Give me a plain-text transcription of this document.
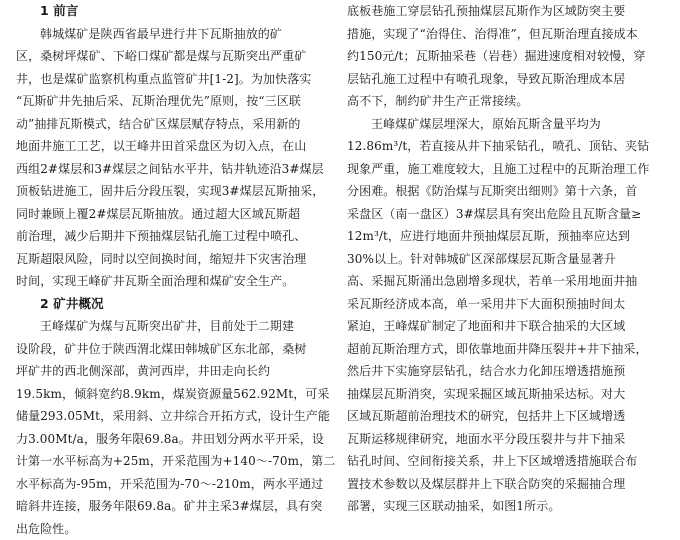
1 前言
韩城煤矿是陕西省最早进行井下瓦斯抽放的矿
区，桑树坪煤矿、下峪口煤矿都是煤与瓦斯突出严重矿
井，也是煤矿监察机构重点监管矿井[1-2]。为加快落实
“瓦斯矿井先抽后采、瓦斯治理优先”原则，按“三区联
动”抽排瓦斯模式，结合矿区煤层赋存特点，采用新的
地面井施工工艺，以王峰井田首采盘区为切入点，在山
西组2#煤层和3#煤层之间钻水平井，钻井轨迹沿3#煤层
顶板钻进施工，固井后分段压裂，实现3#煤层瓦斯抽采，
同时兼顾上覆2#煤层瓦斯抽放。通过超大区域瓦斯超
前治理，减少后期井下预抽煤层钻孔施工过程中喷孔、
瓦斯超限风险，同时以空间换时间，缩短井下灾害治理
时间，实现王峰矿井瓦斯全面治理和煤矿安全生产。
2 矿井概况
王峰煤矿为煤与瓦斯突出矿井，目前处于二期建
设阶段，矿井位于陕西渭北煤田韩城矿区东北部，桑树
坪矿井的西北侧深部，黄河西岸，井田走向长约
19.5km，倾斜宽约8.9km，煤炭资源量562.92Mt，可采
储量293.05Mt，采用斜、立井综合开拓方式，设计生产能
力3.00Mt/a，服务年限69.8a。井田划分两水平开采，设
计第一水平标高为+25m，开采范围为+140～-70m，第二
水平标高为-95m，开采范围为-70～-210m，两水平通过
暗斜井连接，服务年限69.8a。矿井主采3#煤层，具有突
出危险性。
底板巷施工穿层钻孔预抽煤层瓦斯作为区域防突主要
措施，实现了“治得住、治得准”，但瓦斯治理直接成本
约150元/t；瓦斯抽采巷（岩巷）掘进速度相对较慢，穿
层钻孔施工过程中有喷孔现象，导致瓦斯治理成本居
高不下，制约矿井生产正常接续。
王峰煤矿煤层埋深大，原始瓦斯含量平均为
12.86m³/t，若直接从井下抽采钻孔，喷孔、顶钻、夹钻
现象严重，施工难度较大，且施工过程中的瓦斯治理工作
分困难。根据《防治煤与瓦斯突出细则》第十六条，首
采盘区（南一盘区）3#煤层具有突出危险且瓦斯含量≥
12m³/t，应进行地面井预抽煤层瓦斯，预抽率应达到
30%以上。针对韩城矿区深部煤层瓦斯含量显著升
高、采掘瓦斯涌出急剧增多现状，若单一采用地面井抽
采瓦斯经济成本高，单一采用井下大面积预抽时间太
紧迫，王峰煤矿制定了地面和井下联合抽采的大区域
超前瓦斯治理方式，即依靠地面井降压裂井+井下抽采，
然后井下实施穿层钻孔，结合水力化卸压增透措施预
抽煤层瓦斯消突，实现采掘区域瓦斯抽采达标。对大
区域瓦斯超前治理技术的研究，包括井上下区域增透
瓦斯运移规律研究，地面水平分段压裂井与井下抽采
钻孔时间、空间衔接关系，井上下区域增透措施联合布
置技术参数以及煤层群井上下联合防突的采掘抽合理
部署，实现三区联动抽采，如图1所示。
